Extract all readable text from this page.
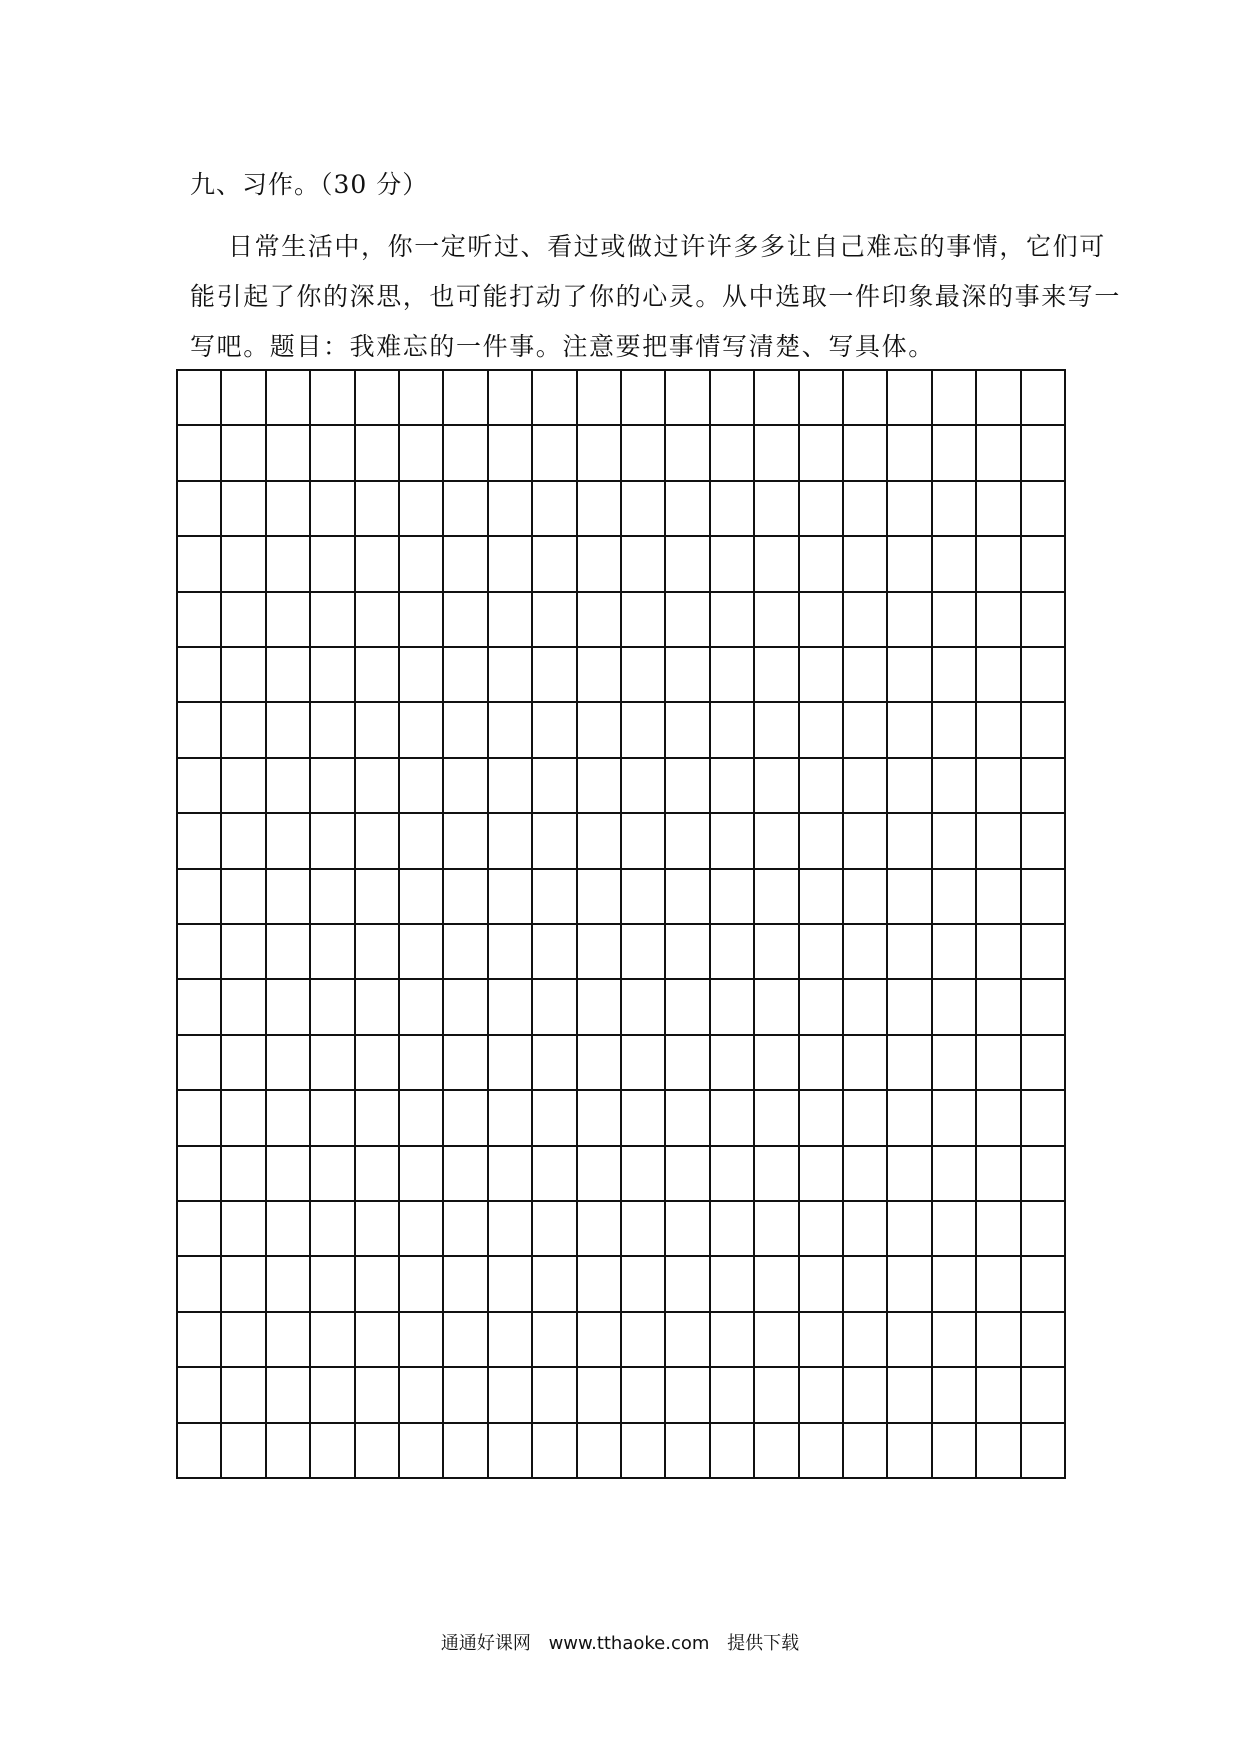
九、习作。（30 分）

日常生活中，你一定听过、看过或做过许许多多让自己难忘的事情，它们可
能引起了你的深思，也可能打动了你的心灵。从中选取一件印象最深的事来写一
写吧。题目：我难忘的一件事。注意要把事情写清楚、写具体。

通通好课网 www.tthaoke.com 提供下载
